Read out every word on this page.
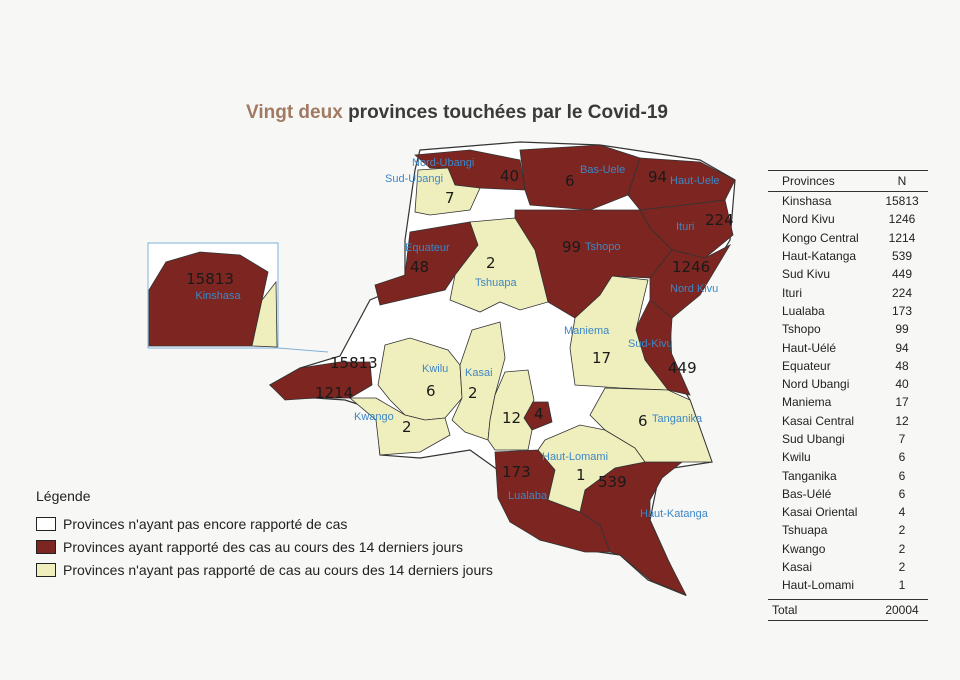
Vingt deux provinces touchées par le Covid-19
15813
Kinshasa
40
7
6	94
224
99
1246
48	2
17
449
15813
1214	6 2
2	12 4	6
1
173
539
Nord-Ubangi
Sud-Ubangi
Bas-Uele
Haut-Uele
Ituri
Tshopo
Equateur
Tshuapa	Nord Kivu
Maniema
Sud-Kivu
Kwilu Kasai
Kwango	Tanganika
Haut-Lomami
Lualaba
Haut-Katanga
Légende
Provinces n'ayant pas encore rapporté de cas
Provinces ayant rapporté des cas au cours des 14 derniers jours
Provinces n'ayant pas rapporté de cas au cours des 14 derniers jours
Provinces	N
Kinshasa	15813
Nord Kivu	1246
Kongo Central	1214
Haut-Katanga	539
Sud Kivu	449
Ituri	224
Lualaba	173
Tshopo	99
Haut-Uélé	94
Equateur	48
Nord Ubangi	40
Maniema	17
Kasai Central	12
Sud Ubangi	7
Kwilu	6
Tanganika	6
Bas-Uélé	6
Kasai Oriental	4
Tshuapa	2
Kwango	2
Kasai	2
Haut-Lomami	1
Total	20004
